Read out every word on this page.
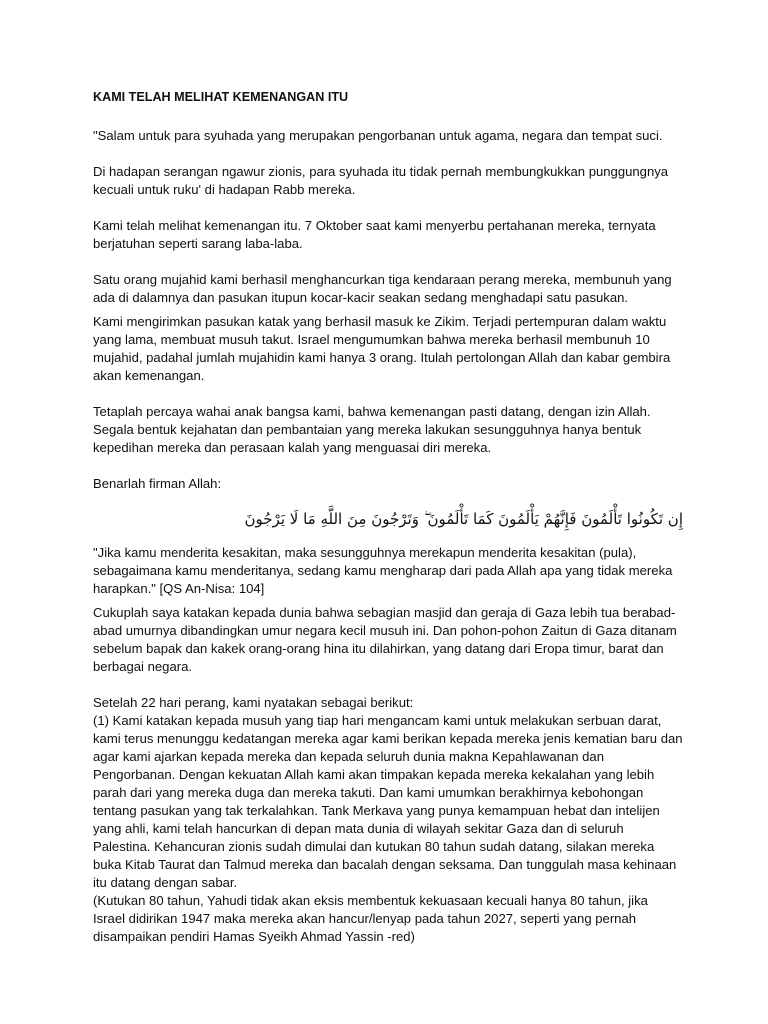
KAMI TELAH MELIHAT KEMENANGAN ITU

"Salam untuk para syuhada yang merupakan pengorbanan untuk agama, negara dan tempat suci.

Di hadapan serangan ngawur zionis, para syuhada itu tidak pernah membungkukkan punggungnya kecuali untuk ruku' di hadapan Rabb mereka.

Kami telah melihat kemenangan itu. 7 Oktober saat kami menyerbu pertahanan mereka, ternyata berjatuhan seperti sarang laba-laba.

Satu orang mujahid kami berhasil menghancurkan tiga kendaraan perang mereka, membunuh yang ada di dalamnya dan pasukan itupun kocar-kacir seakan sedang menghadapi satu pasukan.

Kami mengirimkan pasukan katak yang berhasil masuk ke Zikim. Terjadi pertempuran dalam waktu yang lama, membuat musuh takut. Israel mengumumkan bahwa mereka berhasil membunuh 10 mujahid, padahal jumlah mujahidin kami hanya 3 orang. Itulah pertolongan Allah dan kabar gembira akan kemenangan.

Tetaplah percaya wahai anak bangsa kami, bahwa kemenangan pasti datang, dengan izin Allah. Segala bentuk kejahatan dan pembantaian yang mereka lakukan sesungguhnya hanya bentuk kepedihan mereka dan perasaan kalah yang menguasai diri mereka.

Benarlah firman Allah:

إِن تَكُونُوا تَأْلَمُونَ فَإِنَّهُمْ يَأْلَمُونَ كَمَا تَأْلَمُونَ ۖ وَتَرْجُونَ مِنَ اللَّهِ مَا لَا يَرْجُونَ

"Jika kamu menderita kesakitan, maka sesungguhnya merekapun menderita kesakitan (pula), sebagaimana kamu menderitanya, sedang kamu mengharap dari pada Allah apa yang tidak mereka harapkan." [QS An-Nisa: 104]

Cukuplah saya katakan kepada dunia bahwa sebagian masjid dan geraja di Gaza lebih tua berabad-abad umurnya dibandingkan umur negara kecil musuh ini. Dan pohon-pohon Zaitun di Gaza ditanam sebelum bapak dan kakek orang-orang hina itu dilahirkan, yang datang dari Eropa timur, barat dan berbagai negara.

Setelah 22 hari perang, kami nyatakan sebagai berikut:

(1) Kami katakan kepada musuh yang tiap hari mengancam kami untuk melakukan serbuan darat, kami terus menunggu kedatangan mereka agar kami berikan kepada mereka jenis kematian baru dan agar kami ajarkan kepada mereka dan kepada seluruh dunia makna Kepahlawanan dan Pengorbanan. Dengan kekuatan Allah kami akan timpakan kepada mereka kekalahan yang lebih parah dari yang mereka duga dan mereka takuti. Dan kami umumkan berakhirnya kebohongan tentang pasukan yang tak terkalahkan. Tank Merkava yang punya kemampuan hebat dan intelijen yang ahli, kami telah hancurkan di depan mata dunia di wilayah sekitar Gaza dan di seluruh Palestina. Kehancuran zionis sudah dimulai dan kutukan 80 tahun sudah datang, silakan mereka buka Kitab Taurat dan Talmud mereka dan bacalah dengan seksama. Dan tunggulah masa kehinaan itu datang dengan sabar.

(Kutukan 80 tahun, Yahudi tidak akan eksis membentuk kekuasaan kecuali hanya 80 tahun, jika Israel didirikan 1947 maka mereka akan hancur/lenyap pada tahun 2027, seperti yang pernah disampaikan pendiri Hamas Syeikh Ahmad Yassin -red)
